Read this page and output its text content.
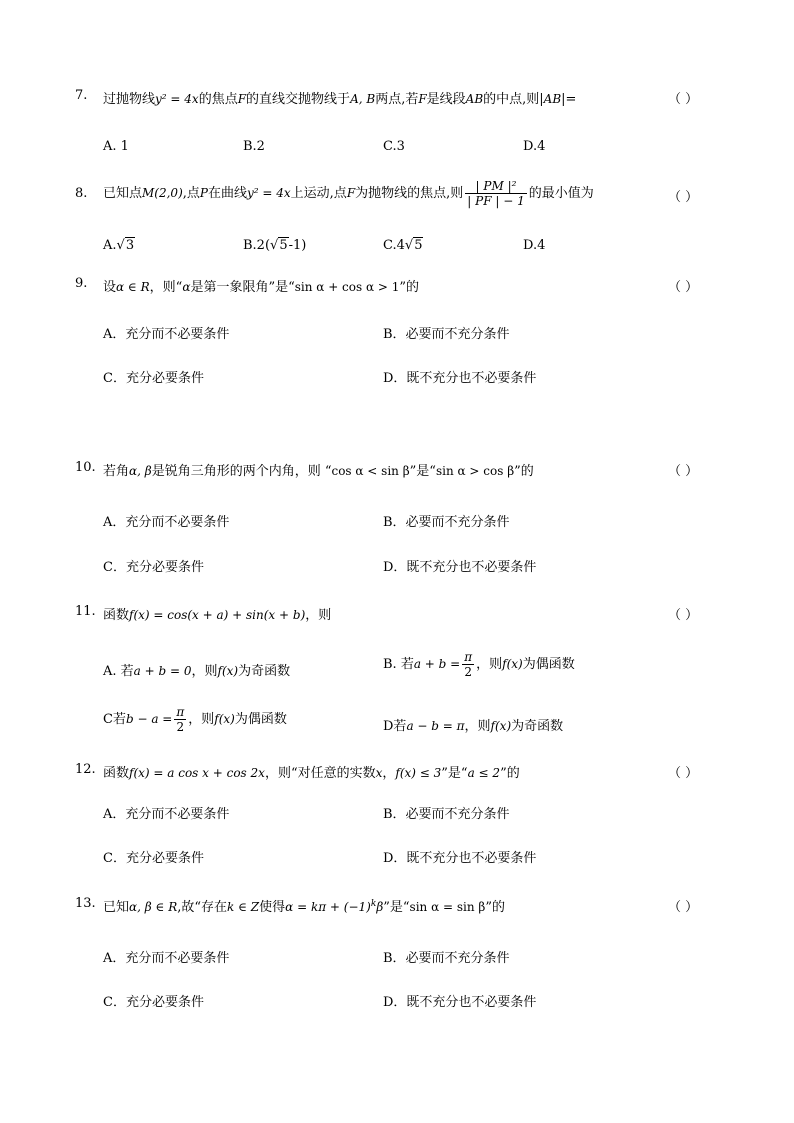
7. 过抛物线y² = 4x的焦点F的直线交抛物线于A, B两点,若F是线段AB的中点,则|AB|=	（ ）
A. 1	B.2	C.3	D.4
8. 已知点M(2,0),点P在曲线y² = 4x上运动,点F为抛物线的焦点,则 $\frac{\text{| PM |²}}{| PF | - 1}$ 的最小值为	（ ）
A.√3	B.2(√5-1)	C.4√5	D.4
9. 设α ∈ R，则“α是第一象限角”是“sin α + cos α > 1”的	（ ）
A．充分而不必要条件	B．必要而不充分条件
C．充分必要条件	D．既不充分也不必要条件
10. 若角α, β是锐角三角形的两个内角，则 “cos α < sin β”是“sin α > cos β”的	（ ）
A．充分而不必要条件	B．必要而不充分条件
C．充分必要条件	D．既不充分也不必要条件
11. 函数f(x) = cos(x + a) + sin(x + b)，则	（ ）
A. 若a + b = 0，则f(x)为奇函数	B. 若$a + b = \frac{\pi}{2}$ ，则f(x)为偶函数
C若$b - a = \frac{\pi}{2}$ ，则f(x)为偶函数	D若a − b = π，则f(x)为奇函数
12. 函数f(x) = a cos x + cos 2x，则“对任意的实数x，f(x) ≤ 3”是“a ≤ 2”的	（ ）
A．充分而不必要条件	B．必要而不充分条件
C．充分必要条件	D．既不充分也不必要条件
13. 已知α, β ∈ R,故“存在k ∈ Z使得$\alpha = k\pi + (-1)^k\beta$”是“sin α = sin β”的	（ ）
A．充分而不必要条件	B．必要而不充分条件
C．充分必要条件	D．既不充分也不必要条件
